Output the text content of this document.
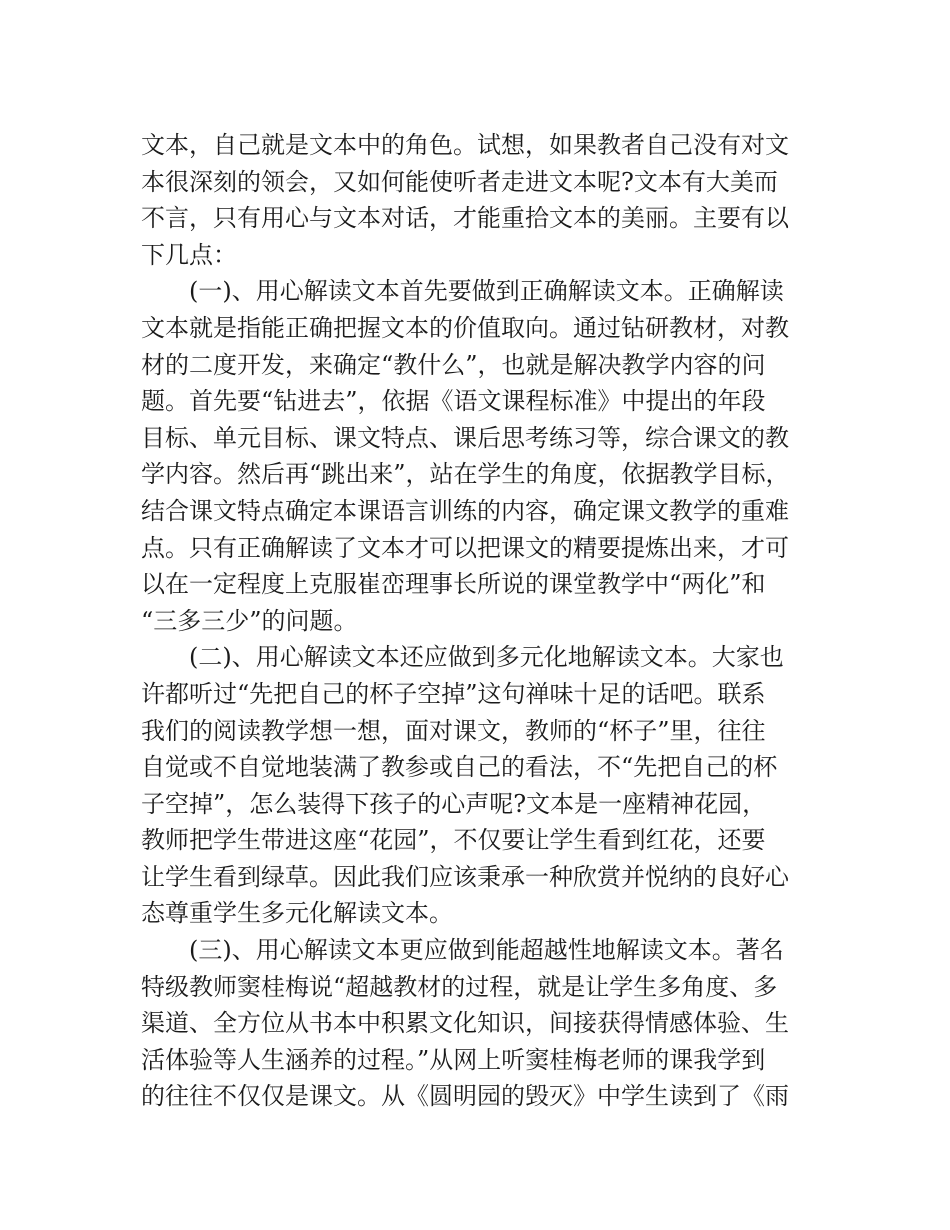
文本，自己就是文本中的角色。试想，如果教者自己没有对文
本很深刻的领会，又如何能使听者走进文本呢?文本有大美而
不言，只有用心与文本对话，才能重拾文本的美丽。主要有以
下几点：
(一)、用心解读文本首先要做到正确解读文本。正确解读
文本就是指能正确把握文本的价值取向。通过钻研教材，对教
材的二度开发，来确定“教什么”，也就是解决教学内容的问
题。首先要“钻进去”，依据《语文课程标准》中提出的年段
目标、单元目标、课文特点、课后思考练习等，综合课文的教
学内容。然后再“跳出来”，站在学生的角度，依据教学目标，
结合课文特点确定本课语言训练的内容，确定课文教学的重难
点。只有正确解读了文本才可以把课文的精要提炼出来，才可
以在一定程度上克服崔峦理事长所说的课堂教学中“两化”和
“三多三少”的问题。
(二)、用心解读文本还应做到多元化地解读文本。大家也
许都听过“先把自己的杯子空掉”这句禅味十足的话吧。联系
我们的阅读教学想一想，面对课文，教师的“杯子”里，往往
自觉或不自觉地装满了教参或自己的看法，不“先把自己的杯
子空掉”，怎么装得下孩子的心声呢?文本是一座精神花园，
教师把学生带进这座“花园”，不仅要让学生看到红花，还要
让学生看到绿草。因此我们应该秉承一种欣赏并悦纳的良好心
态尊重学生多元化解读文本。
(三)、用心解读文本更应做到能超越性地解读文本。著名
特级教师窦桂梅说“超越教材的过程，就是让学生多角度、多
渠道、全方位从书本中积累文化知识，间接获得情感体验、生
活体验等人生涵养的过程。”从网上听窦桂梅老师的课我学到
的往往不仅仅是课文。从《圆明园的毁灭》中学生读到了《雨
